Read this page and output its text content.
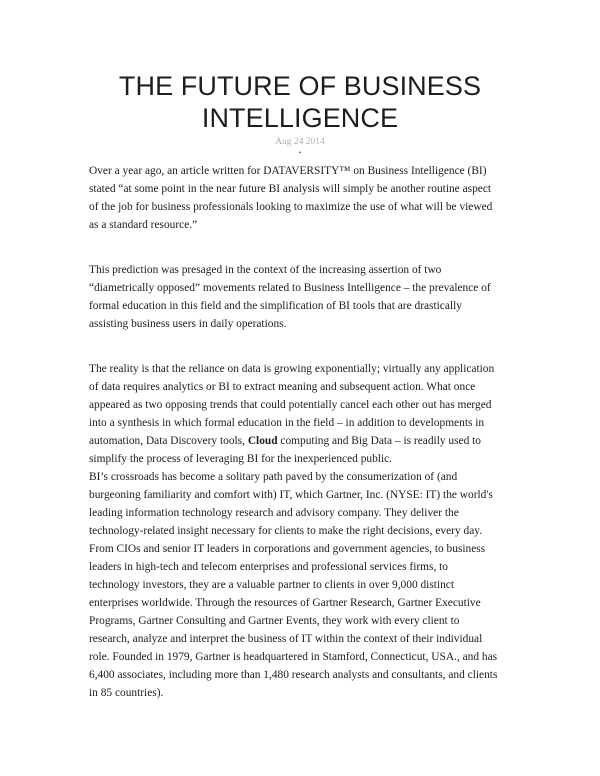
THE FUTURE OF BUSINESS
INTELLIGENCE
Aug 24 2014
•

Over a year ago, an article written for DATAVERSITY™ on Business Intelligence (BI)
stated “at some point in the near future BI analysis will simply be another routine aspect
of the job for business professionals looking to maximize the use of what will be viewed
as a standard resource.”

This prediction was presaged in the context of the increasing assertion of two
“diametrically opposed” movements related to Business Intelligence – the prevalence of
formal education in this field and the simplification of BI tools that are drastically
assisting business users in daily operations.

The reality is that the reliance on data is growing exponentially; virtually any application
of data requires analytics or BI to extract meaning and subsequent action. What once
appeared as two opposing trends that could potentially cancel each other out has merged
into a synthesis in which formal education in the field – in addition to developments in
automation, Data Discovery tools, Cloud computing and Big Data – is readily used to
simplify the process of leveraging BI for the inexperienced public.

BI’s crossroads has become a solitary path paved by the consumerization of (and
burgeoning familiarity and comfort with) IT, which Gartner, Inc. (NYSE: IT) the world's
leading information technology research and advisory company. They deliver the
technology-related insight necessary for clients to make the right decisions, every day.
From CIOs and senior IT leaders in corporations and government agencies, to business
leaders in high-tech and telecom enterprises and professional services firms, to
technology investors, they are a valuable partner to clients in over 9,000 distinct
enterprises worldwide. Through the resources of Gartner Research, Gartner Executive
Programs, Gartner Consulting and Gartner Events, they work with every client to
research, analyze and interpret the business of IT within the context of their individual
role. Founded in 1979, Gartner is headquartered in Stamford, Connecticut, USA., and has
6,400 associates, including more than 1,480 research analysts and consultants, and clients
in 85 countries).
